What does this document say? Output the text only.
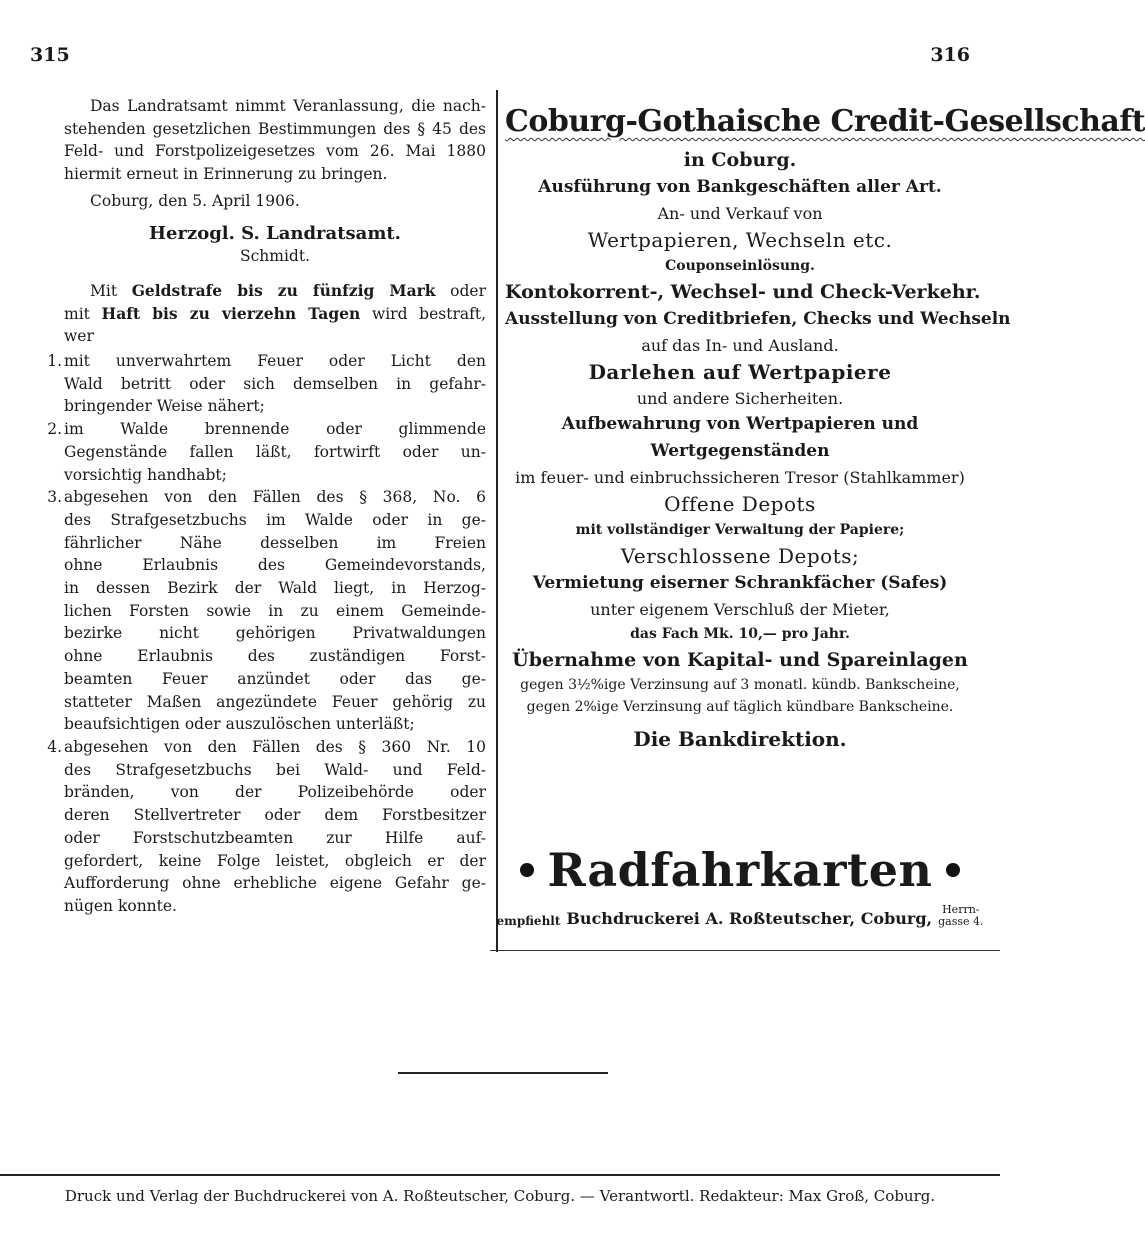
315	316

Das Landratsamt nimmt Veranlassung, die nach-

stehenden gesetzlichen Bestimmungen des § 45 des

Feld- und Forstpolizeigesetzes vom 26. Mai 1880

hiermit erneut in Erinnerung zu bringen.

Coburg, den 5. April 1906.

Herzogl. S. Landratsamt.

Schmidt.

Mit Geldstrafe bis zu fünfzig Mark oder

mit Haft bis zu vierzehn Tagen wird bestraft,

wer

1. mit unverwahrtem Feuer oder Licht den

Wald betritt oder sich demselben in gefahr-

bringender Weise nähert;

2. im Walde brennende oder glimmende

Gegenstände fallen läßt, fortwirft oder un-

vorsichtig handhabt;

3. abgesehen von den Fällen des § 368, No. 6

des Strafgesetzbuchs im Walde oder in ge-

fährlicher Nähe desselben im Freien

ohne Erlaubnis des Gemeindevorstands,

in dessen Bezirk der Wald liegt, in Herzog-

lichen Forsten sowie in zu einem Gemeinde-

bezirke nicht gehörigen Privatwaldungen

ohne Erlaubnis des zuständigen Forst-

beamten Feuer anzündet oder das ge-

statteter Maßen angezündete Feuer gehörig zu

beaufsichtigen oder auszulöschen unterläßt;

4. abgesehen von den Fällen des § 360 Nr. 10

des Strafgesetzbuchs bei Wald- und Feld-

bränden, von der Polizeibehörde oder

deren Stellvertreter oder dem Forstbesitzer

oder Forstschutzbeamten zur Hilfe auf-

gefordert, keine Folge leistet, obgleich er der

Aufforderung ohne erhebliche eigene Gefahr ge-

nügen konnte.

Coburg-Gothaische Credit-Gesellschaft
in Coburg.
Ausführung von Bankgeschäften aller Art.
An- und Verkauf von
Wertpapieren, Wechseln etc.
Couponseinlösung.
Kontokorrent-, Wechsel- und Check-Verkehr.
Ausstellung von Creditbriefen, Checks und Wechseln
auf das In- und Ausland.
Darlehen auf Wertpapiere
und andere Sicherheiten.
Aufbewahrung von Wertpapieren und
Wertgegenständen
im feuer- und einbruchssicheren Tresor (Stahlkammer)
Offene Depots
mit vollständiger Verwaltung der Papiere;
Verschlossene Depots;
Vermietung eiserner Schrankfächer (Safes)
unter eigenem Verschluß der Mieter,
das Fach Mk. 10,— pro Jahr.
Übernahme von Kapital- und Spareinlagen
gegen 3½%ige Verzinsung auf 3 monatl. kündb. Bankscheine,
gegen 2%ige Verzinsung auf täglich kündbare Bankscheine.
Die Bankdirektion.
Radfahrkarten
empfiehlt Buchdruckerei A. Roßteutscher, Coburg, Herrn-
gasse 4.
Druck und Verlag der Buchdruckerei von A. Roßteutscher, Coburg. — Verantwortl. Redakteur: Max Groß, Coburg.
